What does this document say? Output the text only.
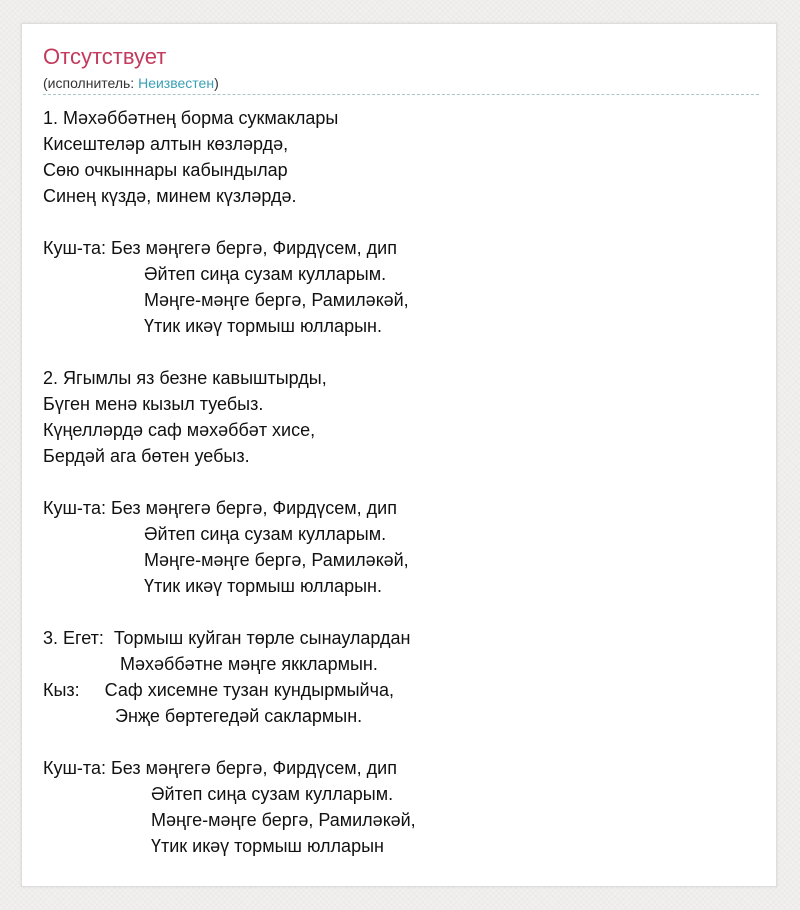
Отсутствует
(исполнитель: Неизвестен)
1. Мәхәббәтнең борма сукмаклары
Кисештеләр алтын көзләрдә,
Сөю очкыннары кабындылар
Синең күздә, минем күзләрдә.
Куш-та: Без мәңгегә бергә, Фирдүсем, дип
Әйтеп сиңа сузам кулларым.
Мәңге-мәңге бергә, Рамиләкәй,
Үтик икәү тормыш юлларын.
2. Ягымлы яз безне кавыштырды,
Бүген менә кызыл туебыз.
Күңелләрдә саф мәхәббәт хисе,
Бердәй ага бөтен уебыз.
Куш-та: Без мәңгегә бергә, Фирдүсем, дип
Әйтеп сиңа сузам кулларым.
Мәңге-мәңге бергә, Рамиләкәй,
Үтик икәү тормыш юлларын.
3. Егет:  Тормыш куйган төрле сынаулардан
Мәхәббәтне мәңге якклармын.
Кыз:     Саф хисемне тузан кундырмыйча,
Энҗе бөртегедәй саклармын.
Куш-та: Без мәңгегә бергә, Фирдүсем, дип
Әйтеп сиңа сузам кулларым.
Мәңге-мәңге бергә, Рамиләкәй,
Үтик икәү тормыш юлларын
